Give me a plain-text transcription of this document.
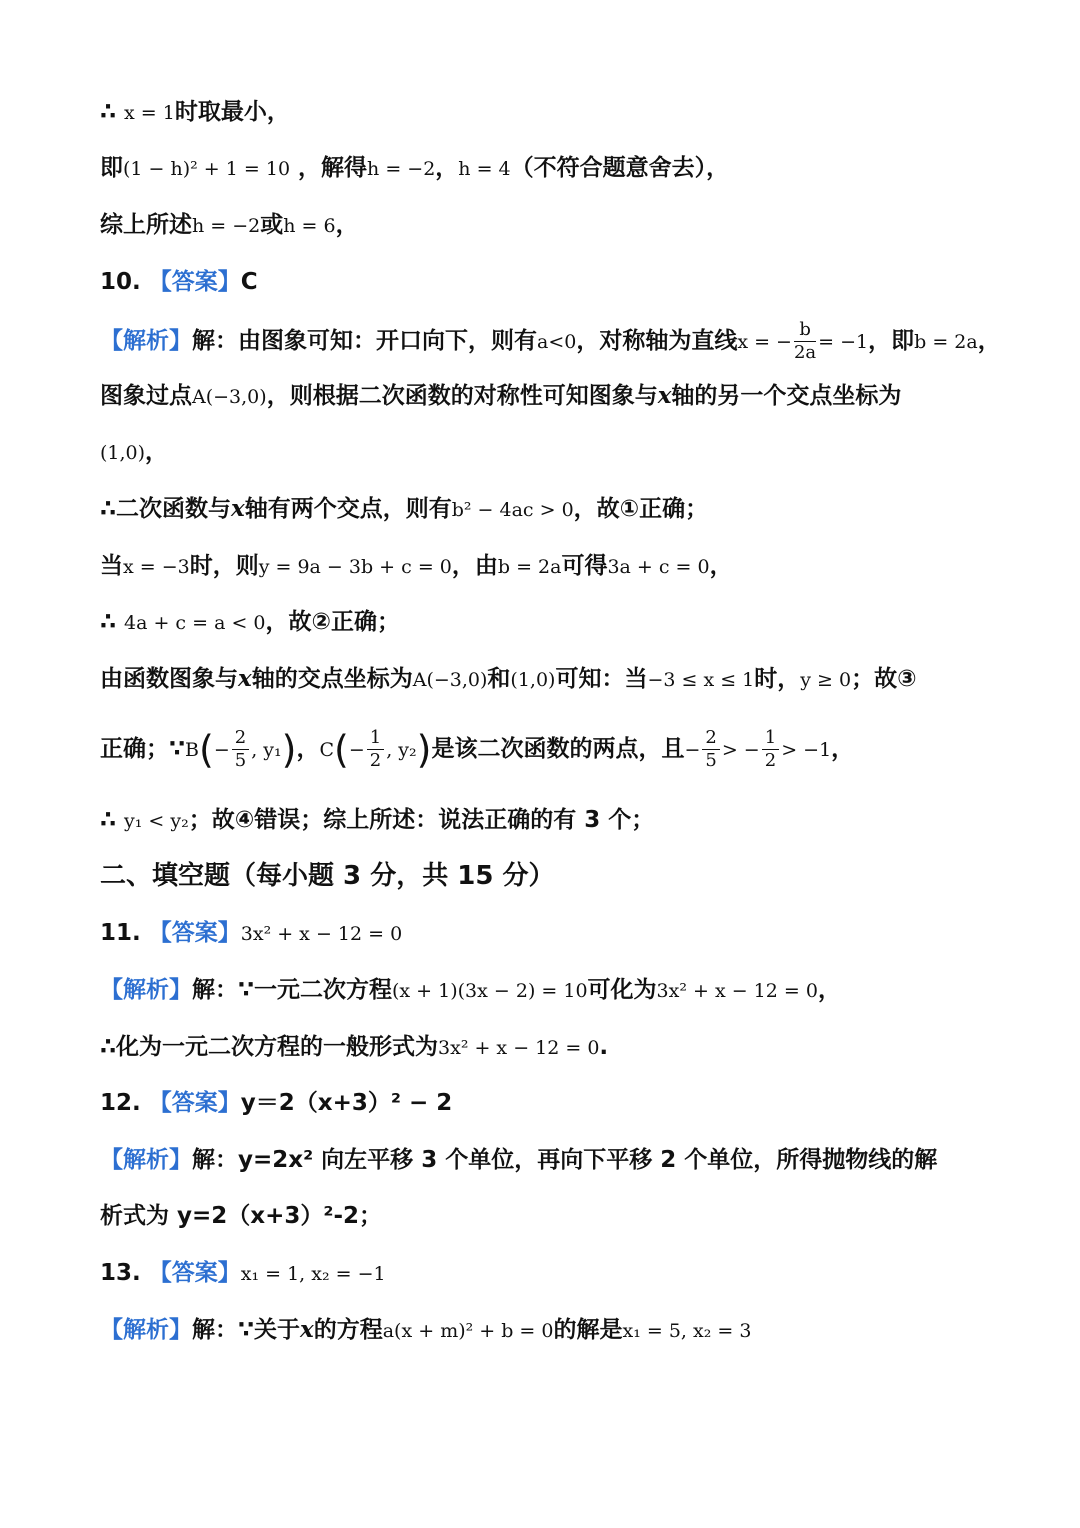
∴ x = 1时取最小，
即(1 − h)² + 1 = 10 ，解得h = −2，h = 4（不符合题意舍去），
综上所述h = −2或h = 6，
10. 【答案】C
【解析】解：由图象可知：开口向下，则有a<0，对称轴为直线x = − $\frac{b}{2a} = -1$，即b = 2a，
图象过点A(−3,0)，则根据二次函数的对称性可知图象与x轴的另一个交点坐标为
(1,0)，
∴二次函数与x轴有两个交点，则有b² − 4ac > 0，故①正确；
当x = −3时，则y = 9a − 3b + c = 0，由b = 2a可得3a + c = 0，
∴ 4a + c = a < 0，故②正确；
由函数图象与x轴的交点坐标为A(−3,0)和(1,0)可知：当−3 ≤ x ≤ 1时，y ≥ 0；故③
正确；∵B(− $\frac{2}{5}$ , y₁)，$C(- \frac{1}{2}$ , y₂)是该二次函数的两点，且− $\frac{2}{5}$ > − $\frac{1}{2} > -1$，
∴ y₁ < y₂；故④错误；综上所述：说法正确的有 3 个；
二、填空题（每小题 3 分，共 15 分）
11. 【答案】3x² + x − 12 = 0
【解析】解：∵一元二次方程(x + 1)(3x − 2) = 10可化为3x² + x − 12 = 0，
∴化为一元二次方程的一般形式为3x² + x − 12 = 0.
12. 【答案】y＝2（x+3）² − 2
【解析】解：y=2x² 向左平移 3 个单位，再向下平移 2 个单位，所得抛物线的解
析式为 y=2（x+3）²-2；
13. 【答案】x₁ = 1, x₂ = −1
【解析】解：∵关于x的方程a(x + m)² + b = 0的解是x₁ = 5, x₂ = 3
